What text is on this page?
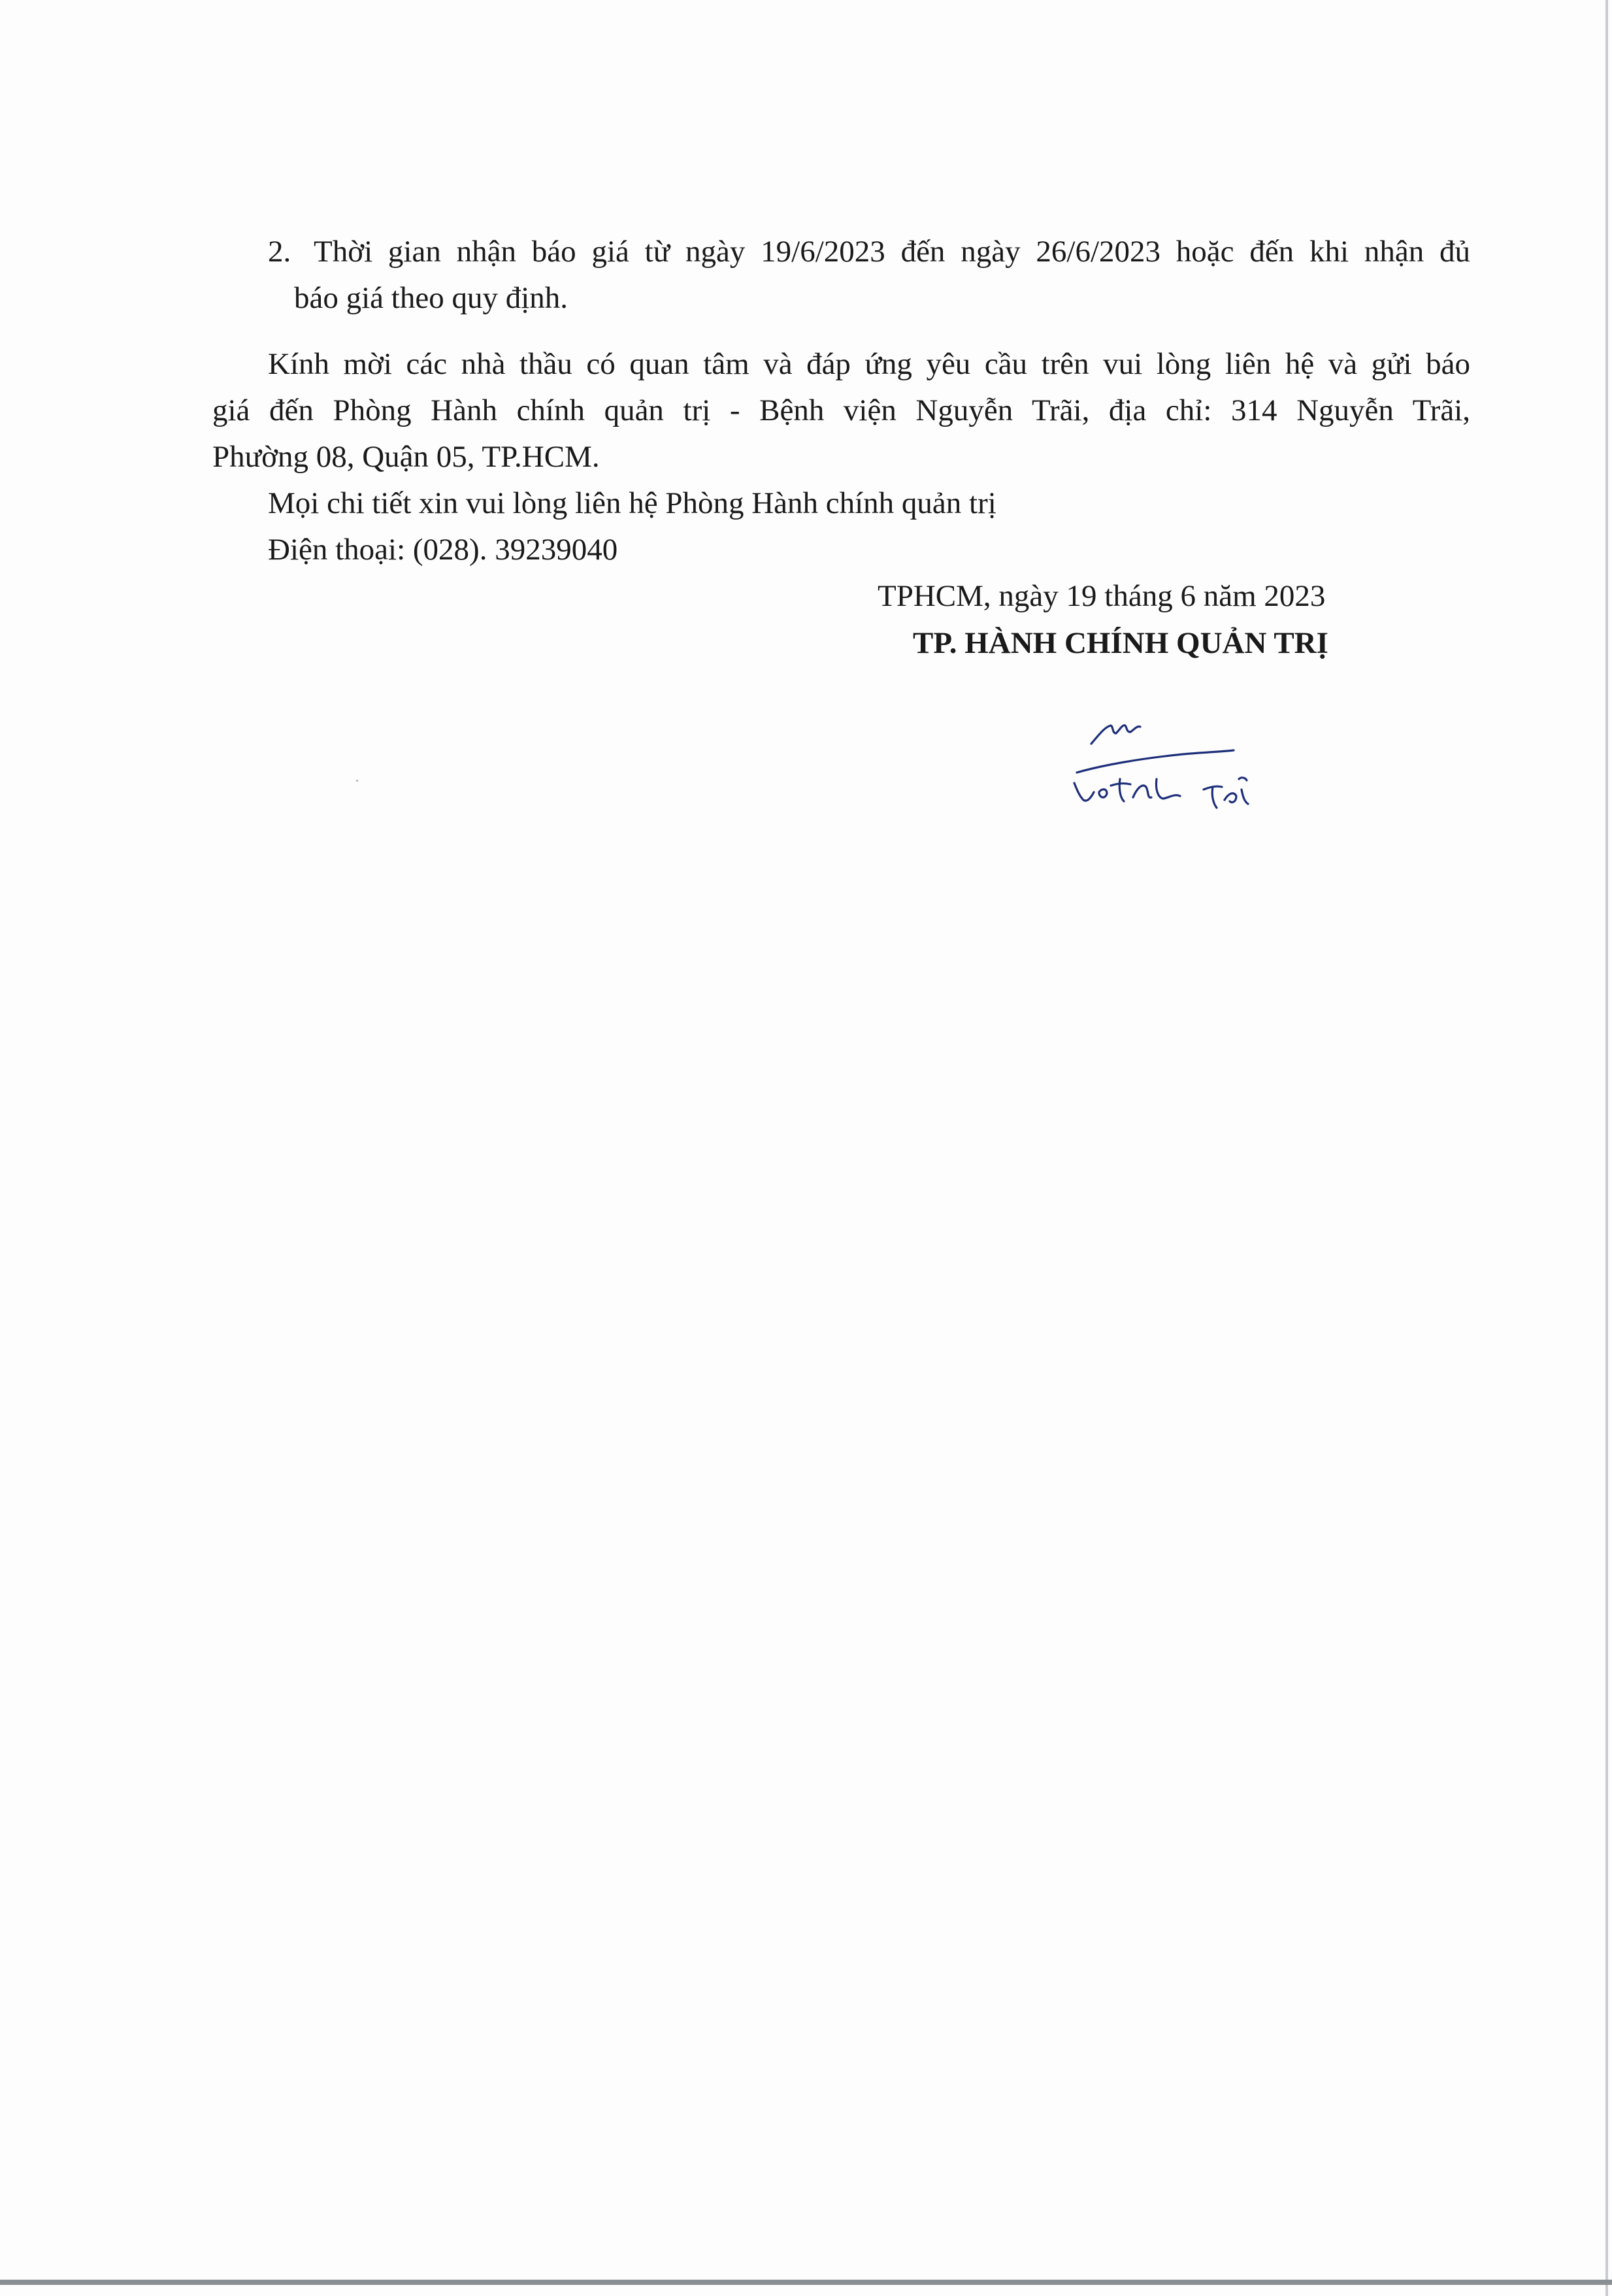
2. Thời gian nhận báo giá từ ngày 19/6/2023 đến ngày 26/6/2023 hoặc đến khi nhận đủ
báo giá theo quy định.
Kính mời các nhà thầu có quan tâm và đáp ứng yêu cầu trên vui lòng liên hệ và gửi báo
giá đến Phòng Hành chính quản trị - Bệnh viện Nguyễn Trãi, địa chỉ: 314 Nguyễn Trãi,
Phường 08, Quận 05, TP.HCM.
Mọi chi tiết xin vui lòng liên hệ Phòng Hành chính quản trị
Điện thoại: (028). 39239040
TPHCM, ngày 19 tháng 6 năm 2023
TP. HÀNH CHÍNH QUẢN TRỊ
